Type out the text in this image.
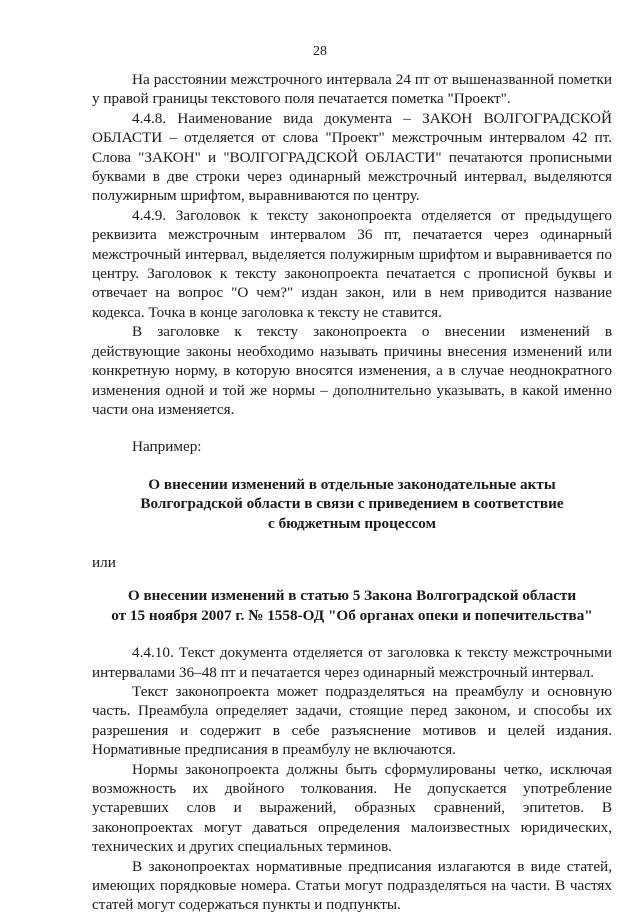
28

На расстоянии межстрочного интервала 24 пт от вышеназванной пометки у правой границы текстового поля печатается пометка "Проект".

4.4.8. Наименование вида документа – ЗАКОН ВОЛГОГРАДСКОЙ ОБЛАСТИ – отделяется от слова "Проект" межстрочным интервалом 42 пт. Слова "ЗАКОН" и "ВОЛГОГРАДСКОЙ ОБЛАСТИ" печатаются прописными буквами в две строки через одинарный межстрочный интервал, выделяются полужирным шрифтом, выравниваются по центру.

4.4.9. Заголовок к тексту законопроекта отделяется от предыдущего реквизита межстрочным интервалом 36 пт, печатается через одинарный межстрочный интервал, выделяется полужирным шрифтом и выравнивается по центру. Заголовок к тексту законопроекта печатается с прописной буквы и отвечает на вопрос "О чем?" издан закон, или в нем приводится название кодекса. Точка в конце заголовка к тексту не ставится.

В заголовке к тексту законопроекта о внесении изменений в действующие законы необходимо называть причины внесения изменений или конкретную норму, в которую вносятся изменения, а в случае неоднократного изменения одной и той же нормы – дополнительно указывать, в какой именно части она изменяется.

Например:

О внесении изменений в отдельные законодательные акты

Волгоградской области в связи с приведением в соответствие

с бюджетным процессом

или

О внесении изменений в статью 5 Закона Волгоградской области

от 15 ноября 2007 г. № 1558-ОД "Об органах опеки и попечительства"

4.4.10. Текст документа отделяется от заголовка к тексту межстрочными интервалами 36–48 пт и печатается через одинарный межстрочный интервал.

Текст законопроекта может подразделяться на преамбулу и основную часть. Преамбула определяет задачи, стоящие перед законом, и способы их разрешения и содержит в себе разъяснение мотивов и целей издания. Нормативные предписания в преамбулу не включаются.

Нормы законопроекта должны быть сформулированы четко, исключая возможность их двойного толкования. Не допускается употребление устаревших слов и выражений, образных сравнений, эпитетов. В законопроектах могут даваться определения малоизвестных юридических, технических и других специальных терминов.

В законопроектах нормативные предписания излагаются в виде статей, имеющих порядковые номера. Статьи могут подразделяться на части. В частях статей могут содержаться пункты и подпункты.
